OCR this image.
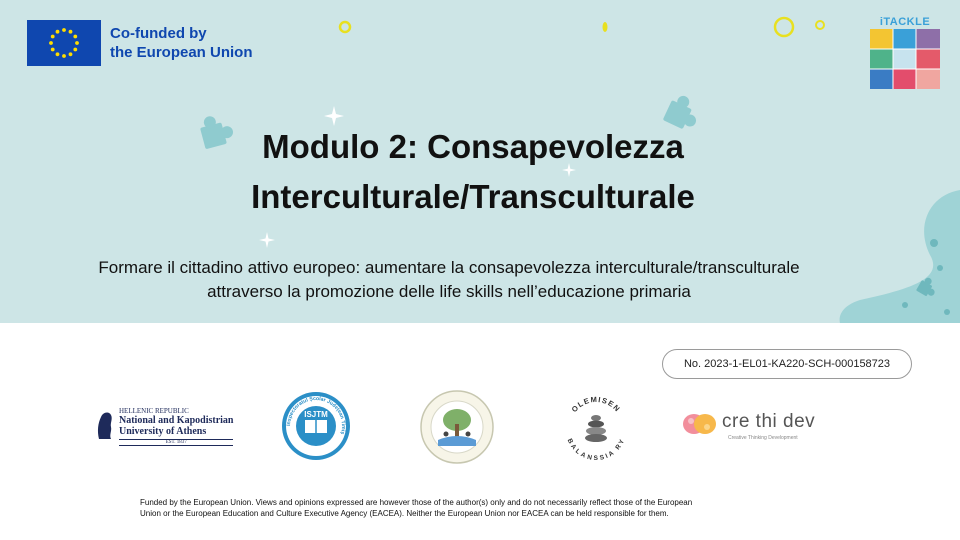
Co-funded by
the European Union
iTACKLE
Modulo 2: Consapevolezza
Interculturale/Transculturale
Formare il cittadino attivo europeo: aumentare la consapevolezza interculturale/transculturale
attraverso la promozione delle life skills nell’educazione primaria
No. 2023-1-EL01-KA220-SCH-000158723
HELLENIC REPUBLIC
National and Kapodistrian
University of Athens
EST. 1837
Inspectoratul Școlar Județean Timiș
ISJTM
OLEMISEN
BALANSSIA RY
cre thi dev
Creative Thinking Development
Funded by the European Union. Views and opinions expressed are however those of the author(s) only and do not necessarily reflect those of the European
Union or the European Education and Culture Executive Agency (EACEA). Neither the European Union nor EACEA can be held responsible for them.
